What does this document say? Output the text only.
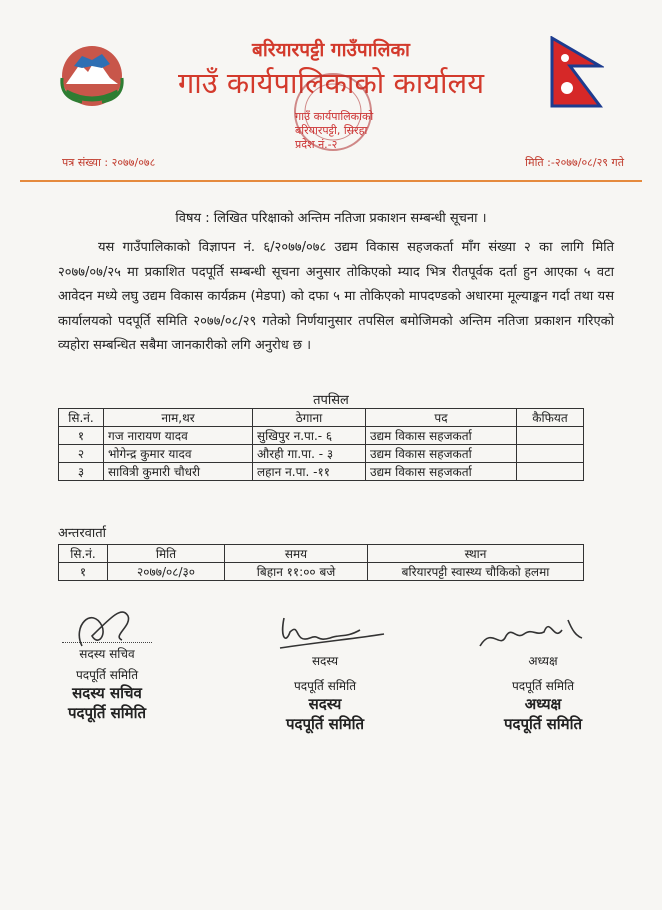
बरियारपट्टी गाउँपालिका
गाउँ कार्यपालिकाको कार्यालय
गाउँ कार्यपालिकाको
बरियारपट्टी, सिरहा
प्रदेश नं.-२
पत्र संख्या : २०७७/०७८	मिति :-२०७७/०८/२९ गते
विषय : लिखित परिक्षाको अन्तिम नतिजा प्रकाशन सम्बन्धी सूचना ।
यस गाउँपालिकाको विज्ञापन नं. ६/२०७७/०७८ उद्यम विकास सहजकर्ता माँग संख्या २ का लागि मिति २०७७/०७/२५ मा प्रकाशित पदपूर्ति सम्बन्धी सूचना अनुसार तोकिएको म्याद भित्र रीतपूर्वक दर्ता हुन आएका ५ वटा आवेदन मध्ये लघु उद्यम विकास कार्यक्रम (मेडपा) को दफा ५ मा तोकिएको मापदण्डको अधारमा मूल्याङ्कन गर्दा तथा यस कार्यालयको पदपूर्ति समिति २०७७/०८/२९ गतेको निर्णयानुसार तपसिल बमोजिमको अन्तिम नतिजा प्रकाशन गरिएको व्यहोरा सम्बन्धित सबैमा जानकारीको लगि अनुरोध छ ।
तपसिल
सि.नं.	नाम,थर	ठेगाना	पद	कैफियत
१	गज नारायण यादव	सुखिपुर न.पा.- ६	उद्यम विकास सहजकर्ता	
२	भोगेन्द्र कुमार यादव	औरही गा.पा. - ३	उद्यम विकास सहजकर्ता	
३	सावित्री कुमारी चौधरी	लहान न.पा. -११	उद्यम विकास सहजकर्ता	
अन्तरवार्ता
सि.नं.	मिति	समय	स्थान
१	२०७७/०८/३०	बिहान ११:०० बजे	बरियारपट्टी स्वास्थ्य चौकिको हलमा
सदस्य सचिव
पदपूर्ति समिति
सदस्य सचिव
पदपूर्ति समिति
सदस्य
पदपूर्ति समिति
सदस्य
पदपूर्ति समिति
अध्यक्ष
पदपूर्ति समिति
अध्यक्ष
पदपूर्ति समिति
